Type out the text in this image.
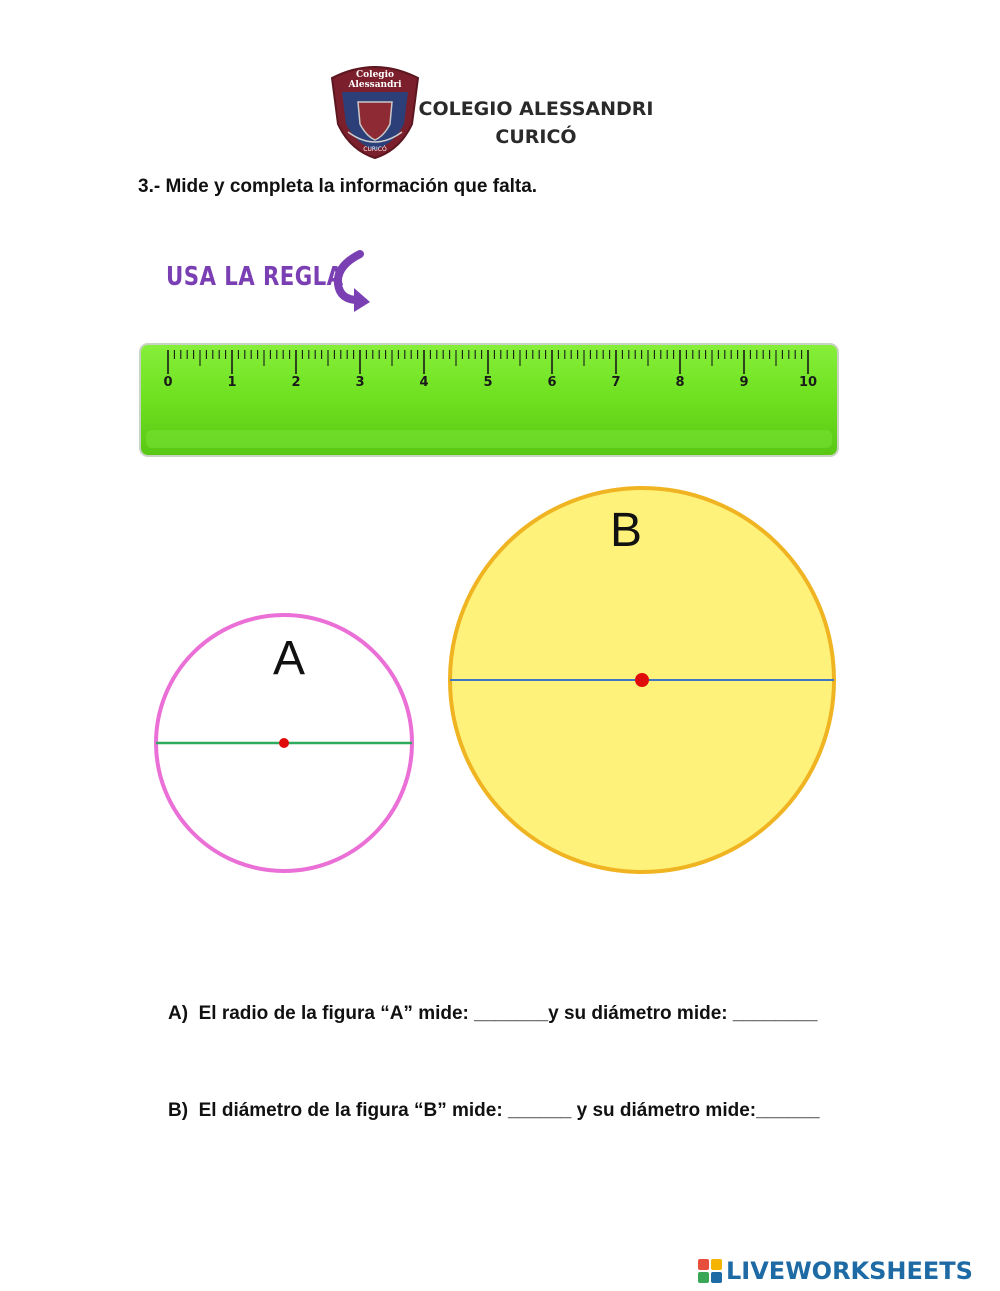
Colegio
Alessandri
CURICÓ
COLEGIO ALESSANDRI
CURICÓ
3.- Mide y completa la información que falta.
USA LA REGLA
0	1	2	3	4	5	6	7	8	9	10
A
B
A)  El radio de la figura “A” mide: _______y su diámetro mide: ________
B)  El diámetro de la figura “B” mide: ______ y su diámetro mide:______
LIVEWORKSHEETS
